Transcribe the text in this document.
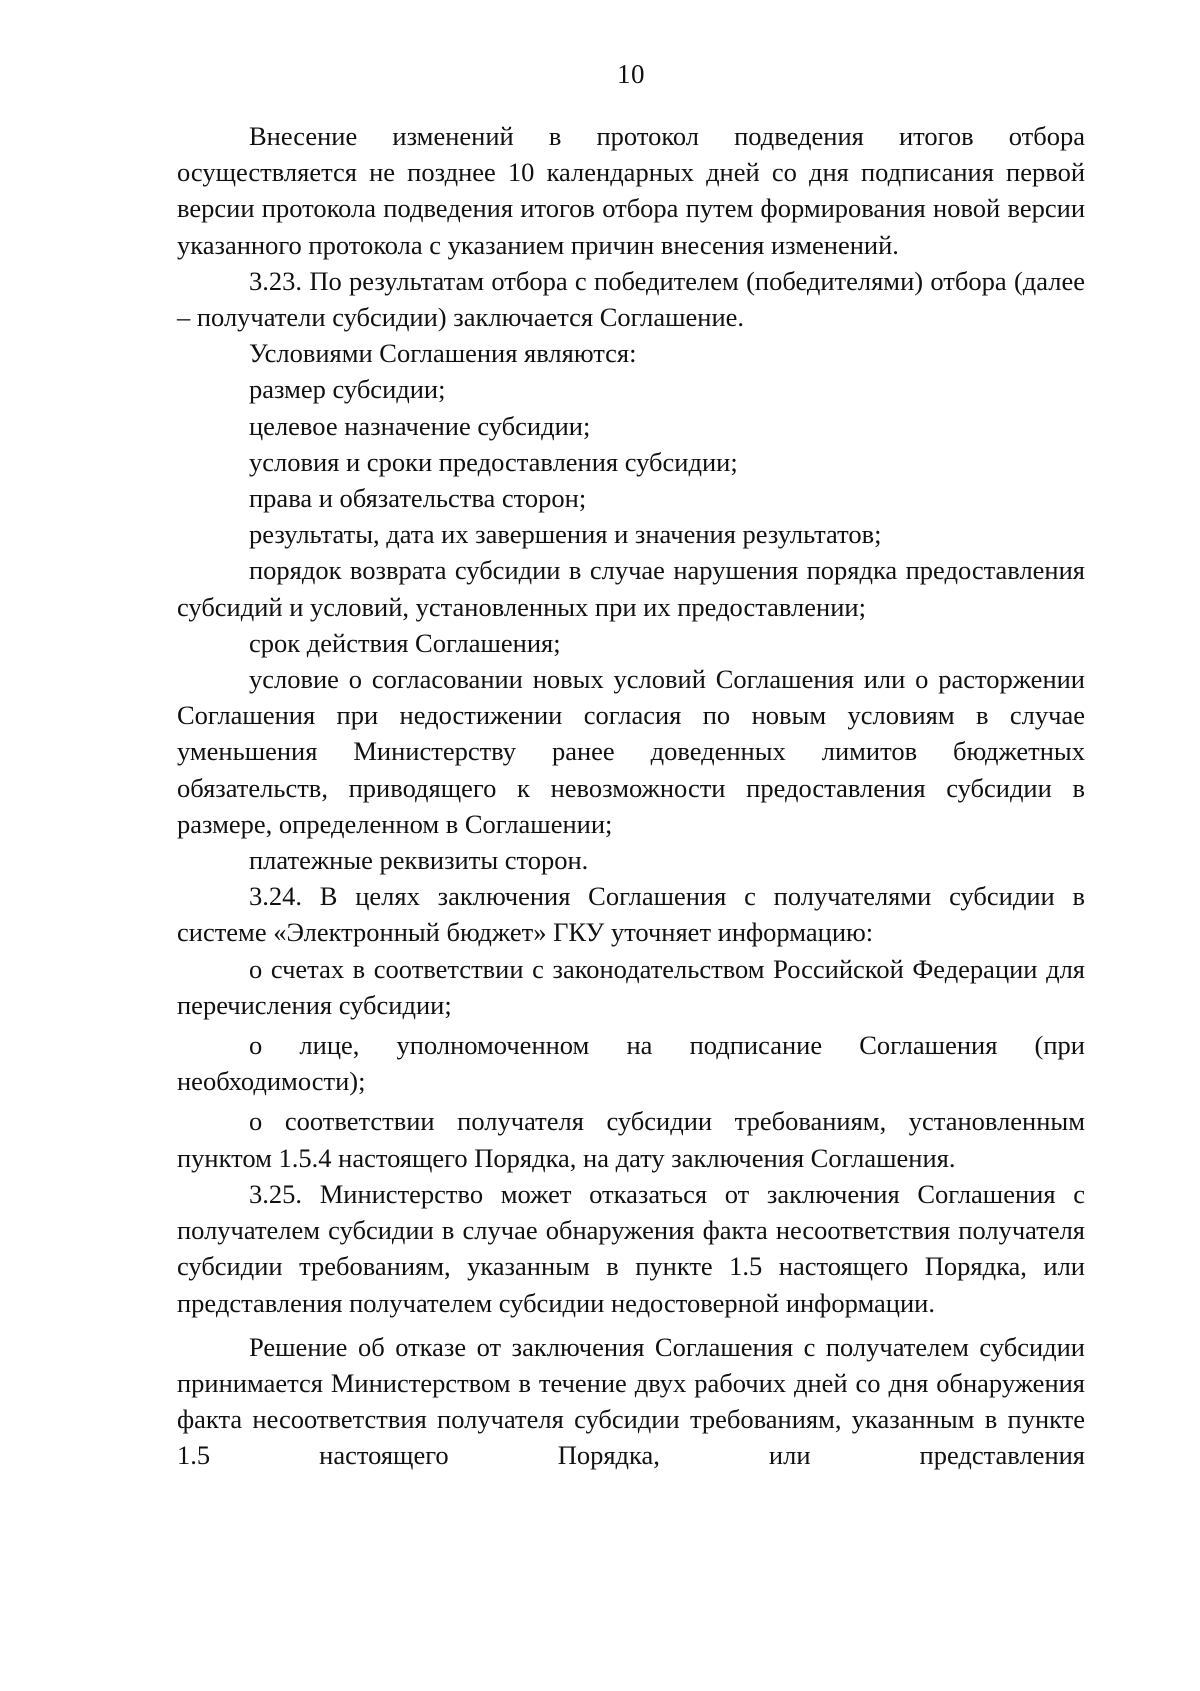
10

Внесение изменений в протокол подведения итогов отбора осуществляется не позднее 10 календарных дней со дня подписания первой версии протокола подведения итогов отбора путем формирования новой версии указанного протокола с указанием причин внесения изменений.

3.23. По результатам отбора с победителем (победителями) отбора (далее – получатели субсидии) заключается Соглашение.

Условиями Соглашения являются:

размер субсидии;

целевое назначение субсидии;

условия и сроки предоставления субсидии;

права и обязательства сторон;

результаты, дата их завершения и значения результатов;

порядок возврата субсидии в случае нарушения порядка предоставления субсидий и условий, установленных при их предоставлении;

срок действия Соглашения;

условие о согласовании новых условий Соглашения или о расторжении Соглашения при недостижении согласия по новым условиям в случае уменьшения Министерству ранее доведенных лимитов бюджетных обязательств, приводящего к невозможности предоставления субсидии в размере, определенном в Соглашении;

платежные реквизиты сторон.

3.24. В целях заключения Соглашения с получателями субсидии в системе «Электронный бюджет» ГКУ уточняет информацию:

о счетах в соответствии с законодательством Российской Федерации для перечисления субсидии;

о лице, уполномоченном на подписание Соглашения (при необходимости);

о соответствии получателя субсидии требованиям, установленным пунктом 1.5.4 настоящего Порядка, на дату заключения Соглашения.

3.25. Министерство может отказаться от заключения Соглашения с получателем субсидии в случае обнаружения факта несоответствия получателя субсидии требованиям, указанным в пункте 1.5 настоящего Порядка, или представления получателем субсидии недостоверной информации.

Решение об отказе от заключения Соглашения с получателем субсидии принимается Министерством в течение двух рабочих дней со дня обнаружения факта несоответствия получателя субсидии требованиям, указанным в пункте 1.5 настоящего Порядка, или представления
